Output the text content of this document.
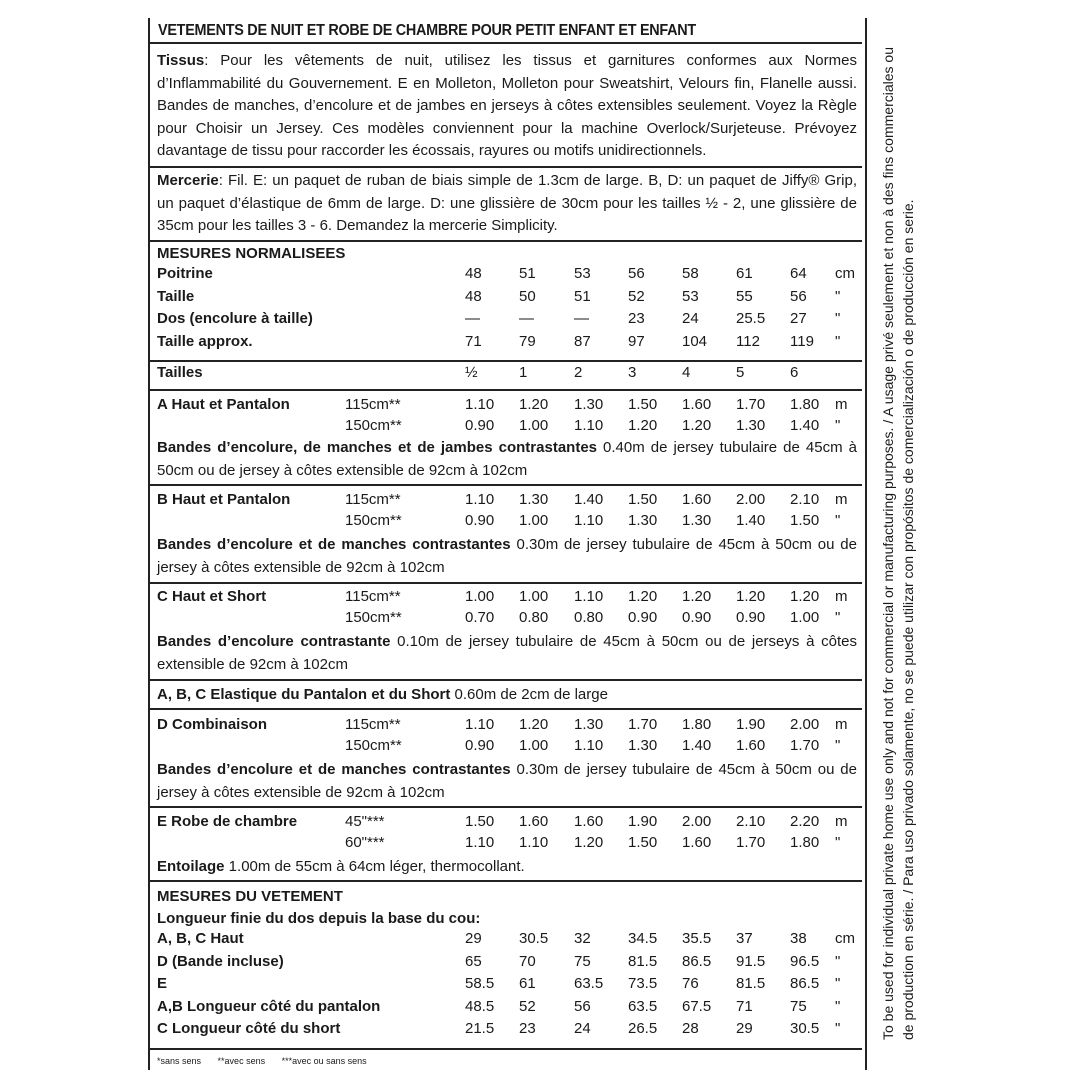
VETEMENTS DE NUIT ET ROBE DE CHAMBRE POUR PETIT ENFANT ET ENFANT
Tissus: Pour les vêtements de nuit, utilisez les tissus et garnitures conformes aux Normes d’Inflammabilité du Gouvernement. E en Molleton, Molleton pour Sweatshirt, Velours fin, Flanelle aussi. Bandes de manches, d’encolure et de jambes en jerseys à côtes extensibles seulement. Voyez la Règle pour Choisir un Jersey. Ces modèles conviennent pour la machine Overlock/Surjeteuse. Prévoyez davantage de tissu pour raccorder les écossais, rayures ou motifs unidirectionnels.
Mercerie: Fil. E: un paquet de ruban de biais simple de 1.3cm de large. B, D: un paquet de Jiffy® Grip, un paquet d’élastique de 6mm de large. D: une glissière de 30cm pour les tailles ½ - 2, une glissière de 35cm pour les tailles 3 - 6. Demandez la mercerie Simplicity.
MESURES NORMALISEES
Poitrine	48 51	53 56 58 61 64 cm
Taille	48 50	51 52 53 55 56 "
Dos (encolure à taille)	—	—	—	23 24 25.5 27 "
Taille approx.	71 79	87 97 104 112 119 "
Tailles	½	1	2	3	4	5	6
A Haut et Pantalon	115cm**	1.10 1.20 1.30 1.50 1.60 1.70 1.80 m
150cm**	0.90 1.00 1.10 1.20 1.20 1.30 1.40 "
Bandes d’encolure, de manches et de jambes contrastantes 0.40m de jersey tubulaire de 45cm à 50cm ou de jersey à côtes extensible de 92cm à 102cm
B Haut et Pantalon	115cm**	1.10 1.30 1.40 1.50 1.60 2.00 2.10 m
150cm**	0.90 1.00 1.10 1.30 1.30 1.40 1.50 "
Bandes d’encolure et de manches contrastantes 0.30m de jersey tubulaire de 45cm à 50cm ou de jersey à côtes extensible de 92cm à 102cm
C Haut et Short	115cm**	1.00 1.00 1.10 1.20 1.20 1.20 1.20 m
150cm**	0.70 0.80 0.80 0.90 0.90 0.90 1.00 "
Bandes d’encolure contrastante 0.10m de jersey tubulaire de 45cm à 50cm ou de jerseys à côtes extensible de 92cm à 102cm
A, B, C Elastique du Pantalon et du Short 0.60m de 2cm de large
D Combinaison	115cm**	1.10 1.20 1.30 1.70 1.80 1.90 2.00 m
150cm**	0.90 1.00 1.10 1.30 1.40 1.60 1.70 "
Bandes d’encolure et de manches contrastantes 0.30m de jersey tubulaire de 45cm à 50cm ou de jersey à côtes extensible de 92cm à 102cm
E Robe de chambre	45"***	1.50 1.60 1.60 1.90 2.00 2.10 2.20 m
60"***	1.10 1.10 1.20 1.50 1.60 1.70 1.80 "
Entoilage 1.00m de 55cm à 64cm léger, thermocollant.
MESURES DU VETEMENT
Longueur finie du dos depuis la base du cou:
A, B, C Haut	29 30.5 32 34.5 35.5 37 38 cm
D (Bande incluse)	65 70	75 81.5 86.5 91.5 96.5 "
E	58.5 61	63.5 73.5 76 81.5 86.5 "
A,B Longueur côté du pantalon	48.5 52	56 63.5 67.5 71 75 "
C Longueur côté du short	21.5 23	24 26.5 28 29 30.5 "
*sans sens **avec sens ***avec ou sans sens
To be used for individual private home use only and not for commercial or manufacturing purposes. / A usage privé seulement et non à des fins commerciales ou de production en série. / Para uso privado solamente, no se puede utilizar con propósitos de comercialización o de producción en serie.
